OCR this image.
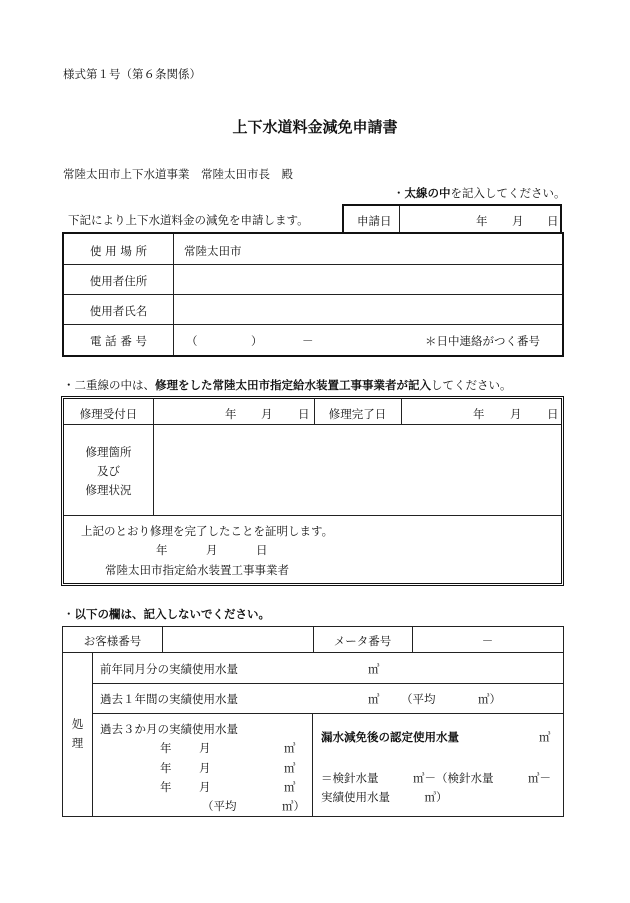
様式第１号（第６条関係）
上下水道料金減免申請書
常陸太田市上下水道事業　常陸太田市長　殿
・太線の中を記入してください。
下記により上下水道料金の減免を申請します。	申請日	年 月 日
使 用 場 所	常陸太田市
使用者住所
使用者氏名
電 話 番 号	（	）	－	＊日中連絡がつく番号
・二重線の中は、修理をした常陸太田市指定給水装置工事事業者が記入してください。
修理受付日	年 月 日	修理完了日	年 月 日
修理箇所
及び
修理状況
上記のとおり修理を完了したことを証明します。
年	月	日
常陸太田市指定給水装置工事事業者
・以下の欄は、記入しないでください。
お客様番号	メータ番号	－
処
理
前年同月分の実績使用水量	㎥
過去１年間の実績使用水量	㎥ （平均	㎥）
過去３か月の実績使用水量
年 月	㎥
年 月	㎥
年 月	㎥
（平均	㎥）
漏水減免後の認定使用水量	㎥
＝検針水量　　　㎥－（検針水量　　　㎥－
実績使用水量　　　㎥）
